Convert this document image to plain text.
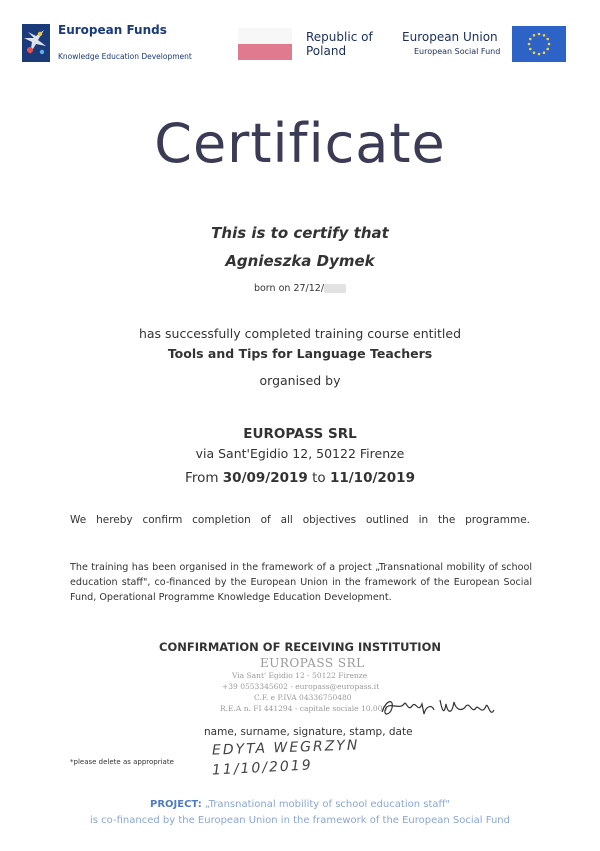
European Funds
Knowledge Education Development
Republic of Poland
European Union
European Social Fund
Certificate
This is to certify that
Agnieszka Dymek
born on 27/12/
has successfully completed training course entitled
Tools and Tips for Language Teachers
organised by
EUROPASS SRL
via Sant'Egidio 12, 50122 Firenze
From 30/09/2019 to 11/10/2019
We hereby confirm completion of all objectives outlined in the programme.
The training has been organised in the framework of a project „Transnational mobility of school education staff", co-financed by the European Union in the framework of the European Social Fund, Operational Programme Knowledge Education Development.
CONFIRMATION OF RECEIVING INSTITUTION
EUROPASS SRL
Via Sant' Egidio 12 - 50122 Firenze
+39 0553345602 - europass@europass.it
C.F. e P.IVA 04336750480
R.E.A n. FI 441294 - capitale sociale 10.000
name, surname, signature, stamp, date
*please delete as appropriate
EDYTA WEGRZYN
11/10/2019
PROJECT: „Transnational mobility of school education staff"
is co-financed by the European Union in the framework of the European Social Fund
